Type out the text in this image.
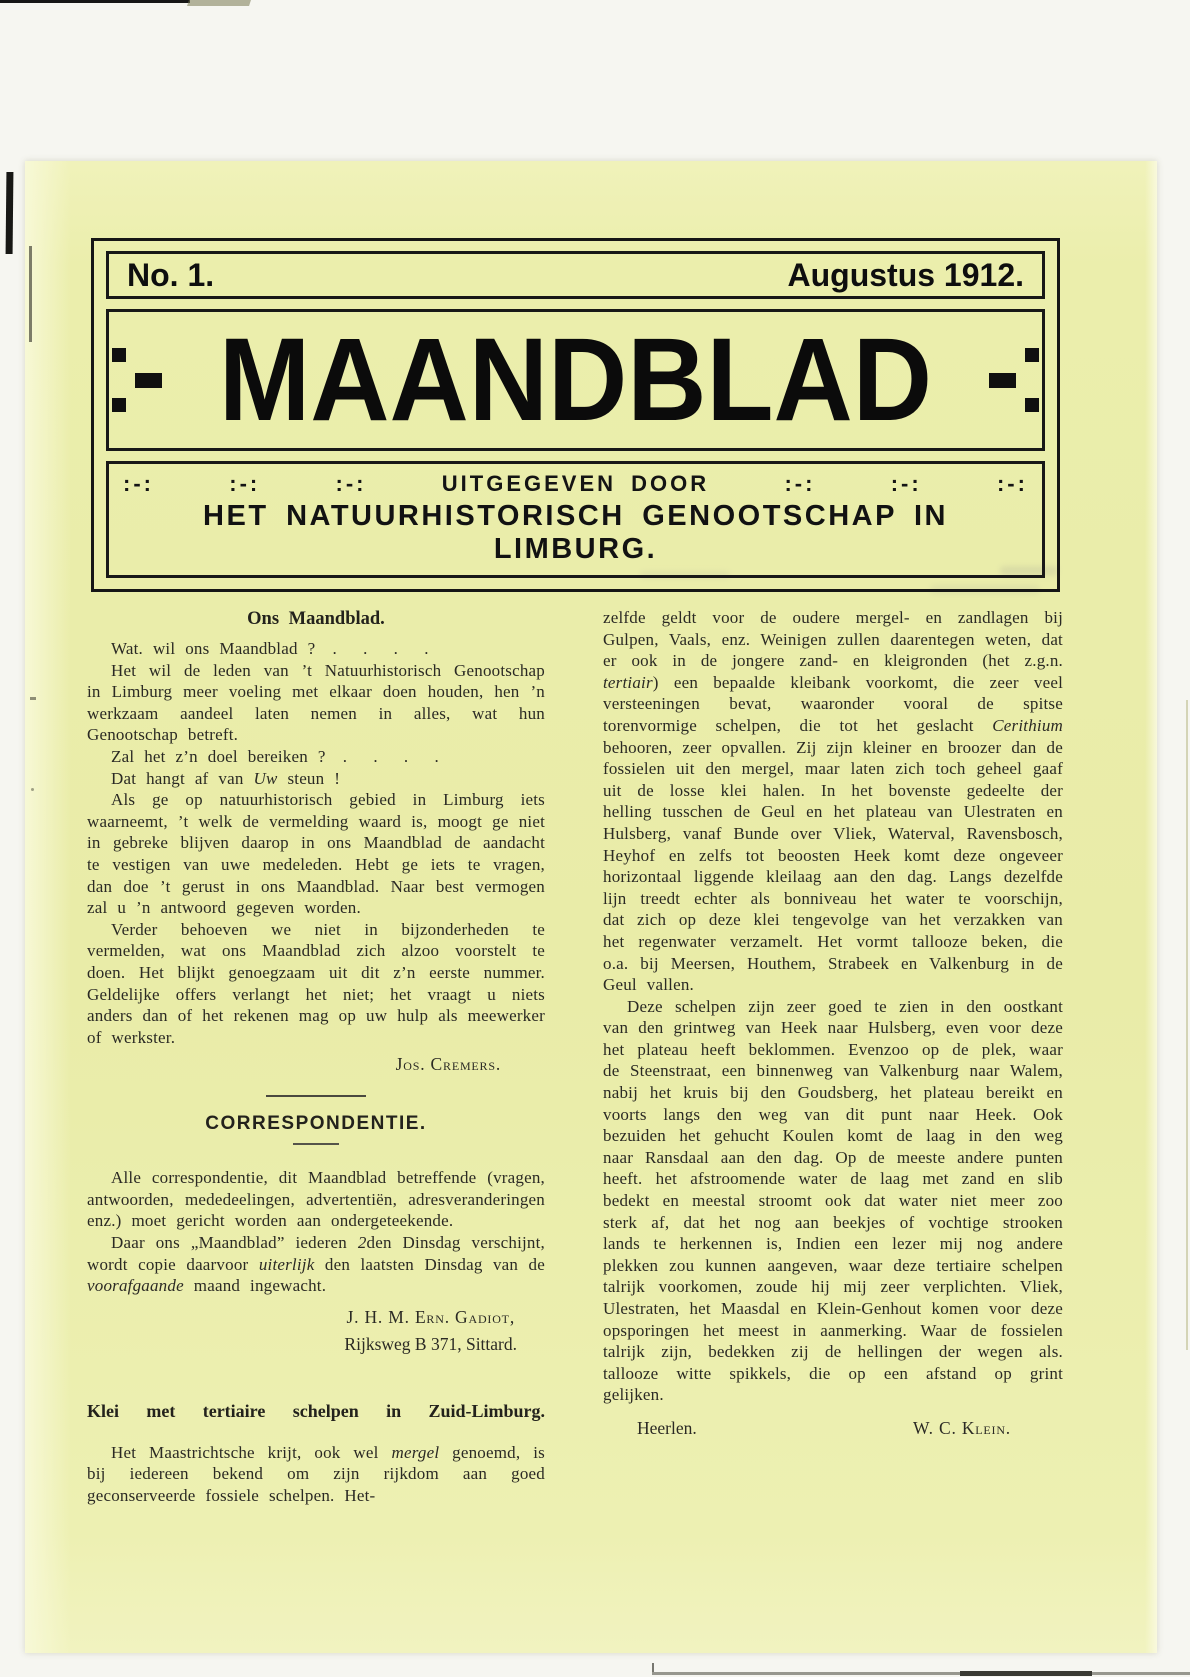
No. 1.	Augustus 1912.
MAANDBLAD
:-:	:-:	:-:	UITGEGEVEN DOOR	:-:	:-:	:-:
HET NATUURHISTORISCH GENOOTSCHAP IN LIMBURG.
Ons Maandblad.

Wat. wil ons Maandblad ? .   .   .   .

Het wil de leden van ’t Natuurhistorisch Genootschap in Limburg meer voeling met elkaar doen houden, hen ’n werkzaam aandeel laten nemen in alles, wat hun Genootschap betreft.

Zal het z’n doel bereiken ? .   .   .   .

Dat hangt af van Uw steun !

Als ge op natuurhistorisch gebied in Limburg iets waarneemt, ’t welk de vermelding waard is, moogt ge niet in gebreke blijven daarop in ons Maandblad de aandacht te vestigen van uwe medeleden. Hebt ge iets te vragen, dan doe ’t gerust in ons Maandblad. Naar best vermogen zal u ’n antwoord gegeven worden.

Verder behoeven we niet in bijzonderheden te vermelden, wat ons Maandblad zich alzoo voorstelt te doen. Het blijkt genoegzaam uit dit z’n eerste nummer. Geldelijke offers verlangt het niet; het vraagt u niets anders dan of het rekenen mag op uw hulp als meewerker of werkster.

Jos. Cremers.
CORRESPONDENTIE.

Alle correspondentie, dit Maandblad betreffende (vragen, antwoorden, mededeelingen, advertentiën, adresveranderingen enz.) moet gericht worden aan ondergeteekende.

Daar ons „Maandblad” iederen 2den Dinsdag verschijnt, wordt copie daarvoor uiterlijk den laatsten Dinsdag van de voorafgaande maand ingewacht.

J. H. M. Ern. Gadiot,
Rijksweg B 371, Sittard.
Klei met tertiaire schelpen in Zuid-Limburg.

Het Maastrichtsche krijt, ook wel mergel genoemd, is bij iedereen bekend om zijn rijkdom aan goed geconserveerde fossiele schelpen. Het-

zelfde geldt voor de oudere mergel- en zandlagen bij Gulpen, Vaals, enz. Weinigen zullen daarentegen weten, dat er ook in de jongere zand- en kleigronden (het z.g.n. tertiair) een bepaalde kleibank voorkomt, die zeer veel versteeningen bevat, waaronder vooral de spitse torenvormige schelpen, die tot het geslacht Cerithium behooren, zeer opvallen. Zij zijn kleiner en broozer dan de fossielen uit den mergel, maar laten zich toch geheel gaaf uit de losse klei halen. In het bovenste gedeelte der helling tusschen de Geul en het plateau van Ulestraten en Hulsberg, vanaf Bunde over Vliek, Waterval, Ravensbosch, Heyhof en zelfs tot beoosten Heek komt deze ongeveer horizontaal liggende kleilaag aan den dag. Langs dezelfde lijn treedt echter als bonniveau het water te voorschijn, dat zich op deze klei tengevolge van het verzakken van het regenwater verzamelt. Het vormt tallooze beken, die o.a. bij Meersen, Houthem, Strabeek en Valkenburg in de Geul vallen.

Deze schelpen zijn zeer goed te zien in den oostkant van den grintweg van Heek naar Hulsberg, even voor deze het plateau heeft beklommen. Evenzoo op de plek, waar de Steenstraat, een binnenweg van Valkenburg naar Walem, nabij het kruis bij den Goudsberg, het plateau bereikt en voorts langs den weg van dit punt naar Heek. Ook bezuiden het gehucht Koulen komt de laag in den weg naar Ransdaal aan den dag. Op de meeste andere punten heeft. het afstroomende water de laag met zand en slib bedekt en meestal stroomt ook dat water niet meer zoo sterk af, dat het nog aan beekjes of vochtige strooken lands te herkennen is, Indien een lezer mij nog andere plekken zou kunnen aangeven, waar deze tertiaire schelpen talrijk voorkomen, zoude hij mij zeer verplichten. Vliek, Ulestraten, het Maasdal en Klein-Genhout komen voor deze opsporingen het meest in aanmerking. Waar de fossielen talrijk zijn, bedekken zij de hellingen der wegen als. tallooze witte spikkels, die op een afstand op grint gelijken.

Heerlen.	W. C. Klein.
